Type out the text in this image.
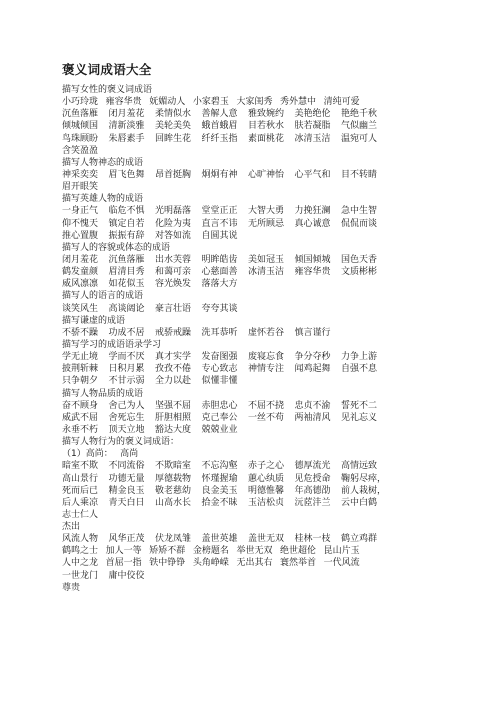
褒义词成语大全
描写女性的褒义词成语
小巧玲珑 雍容华贵 妩媚动人 小家碧玉 大家闺秀 秀外慧中 清纯可爱
沉鱼落雁 闭月羞花 柔情似水 善解人意 雅致婉约 美艳绝伦 艳绝千秋
倾城倾国 清新淡雅 美轮美奂 蛾首蛾眉 目若秋水 肤若凝脂 气似幽兰
鸟珠顾盼 朱唇素手 回眸生花 纤纤玉指 素面桃花 冰清玉洁 温宛可人
含笑盈盈
描写人物神态的成语
神采奕奕 眉飞色舞 昂首挺胸 炯炯有神 心旷神怡 心平气和 目不转睛
眉开眼笑
描写英雄人物的成语
一身正气 临危不惧 光明磊落 堂堂正正 大智大勇 力挽狂澜 急中生智
仰不愧天 镇定自若 化险为夷 直言不讳 无所顾忌 真心诚意 侃侃而谈
推心置腹 振振有辞 对答如流 自圆其说
描写人的容貌或体态的成语
闭月羞花 沉鱼落雁 出水芙蓉 明眸皓齿 美如冠玉 倾国倾城 国色天香
鹤发童颜 眉清目秀 和蔼可亲 心慈面善 冰清玉洁 雍容华贵 文质彬彬
威风凛凛 如花似玉 容光焕发 落落大方
描写人的语言的成语
谈笑风生 高谈阔论 豪言壮语 夸夸其谈
描写谦虚的成语
不骄不躁 功成不居 戒骄戒躁 洗耳恭听 虚怀若谷 慎言谨行
描写学习的成语语录学习
学无止境 学而不厌 真才实学 发奋图强 废寝忘食 争分夺秒 力争上游
披荆斩棘 日积月累 孜孜不倦 专心致志 神情专注 闻鸡起舞 自强不息
只争朝夕 不甘示弱 全力以赴 似懂非懂
描写人物品质的成语
奋不顾身 舍己为人 坚强不屈 赤胆忠心 不屈不挠 忠贞不渝 誓死不二
威武不屈 舍死忘生 肝胆相照 克己奉公 一丝不苟 两袖清风 见礼忘义
永垂不朽 顶天立地 豁达大度 兢兢业业
描写人物行为的褒义词成语：
（1）高尚：　 高尚
暗室不欺 不同流俗 不欺暗室 不忘沟壑 赤子之心 德厚流光 高情远致
高山景行 功德无量 厚德载物 怀瑾握瑜 蕙心纨质 见危授命 鞠躬尽瘁，
死而后已 精金良玉 敬老慈幼 良金美玉 明德惟馨 年高德劭 前人栽树，
后人乘凉 青天白日 山高水长 拾金不昧 玉洁松贞 沅茝沣兰 云中白鹤
志士仁人
杰出
风流人物 风华正茂 伏龙凤雏 盖世英雄 盖世无双 桂林一枝 鹤立鸡群
鹤鸣之士 加人一等 矫矫不群 金榜题名 举世无双 绝世超伦 昆山片玉
人中之龙 首屈一指 铁中铮铮 头角峥嵘 无出其右 寰然举首 一代风流
一世龙门 庸中佼佼
尊贵
